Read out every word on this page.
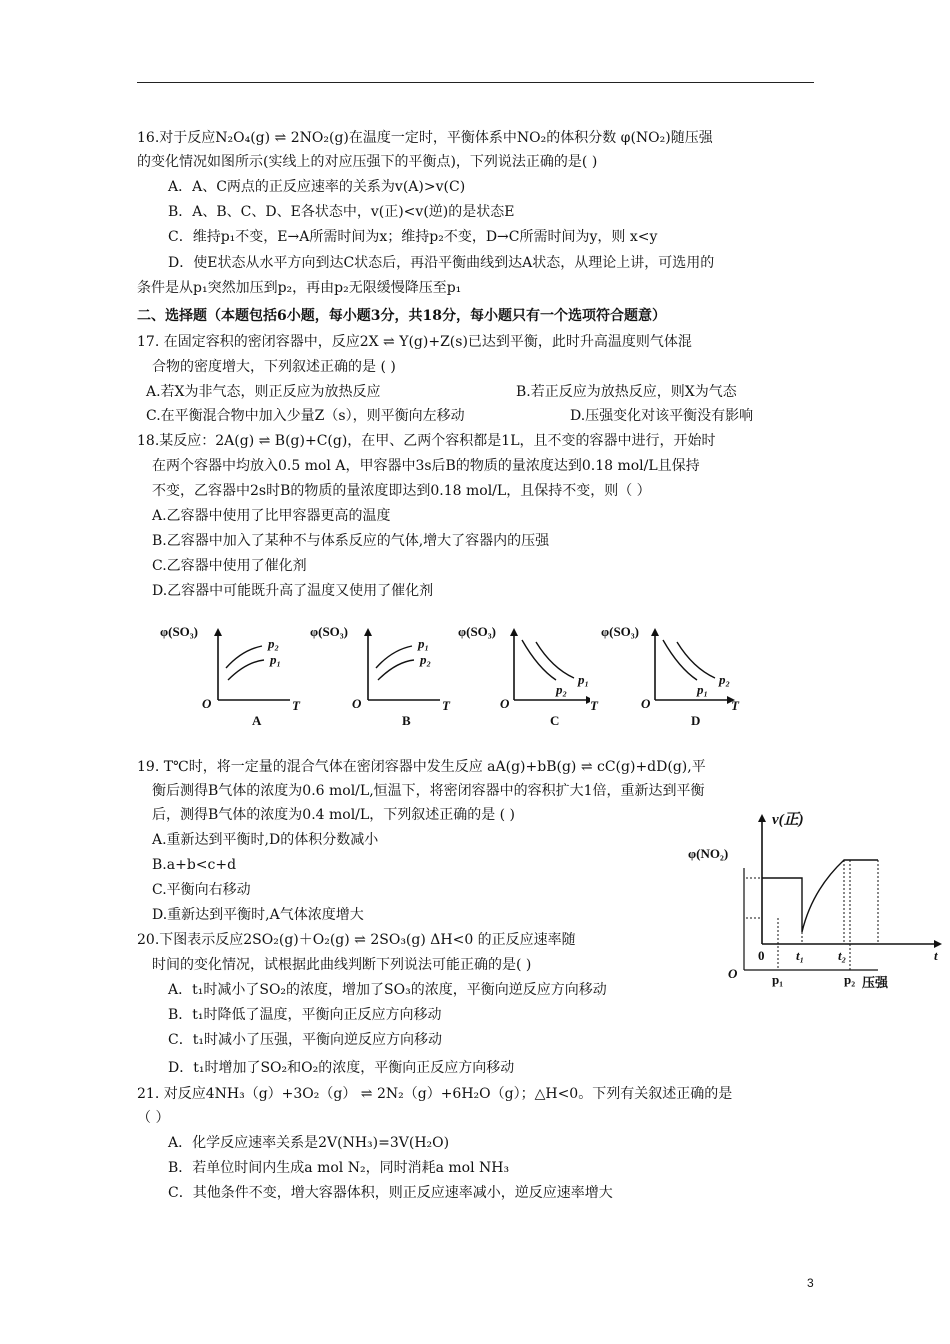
16.对于反应N₂O₄(g) ⇌ 2NO₂(g)在温度一定时，平衡体系中NO₂的体积分数 φ(NO₂)随压强
的变化情况如图所示(实线上的对应压强下的平衡点)，下列说法正确的是( )
A．A、C两点的正反应速率的关系为v(A)>v(C)
B．A、B、C、D、E各状态中，v(正)<v(逆)的是状态E
C．维持p₁不变，E→A所需时间为x；维持p₂不变，D→C所需时间为y，则 x<y
D．使E状态从水平方向到达C状态后，再沿平衡曲线到达A状态，从理论上讲，可选用的
条件是从p₁突然加压到p₂，再由p₂无限缓慢降压至p₁
二、选择题（本题包括6小题，每小题3分，共18分，每小题只有一个选项符合题意）
17. 在固定容积的密闭容器中，反应2X ⇌ Y(g)+Z(s)已达到平衡，此时升高温度则气体混
合物的密度增大，下列叙述正确的是 ( )
A.若X为非气态，则正反应为放热反应	B.若正反应为放热反应，则X为气态
C.在平衡混合物中加入少量Z（s），则平衡向左移动	D.压强变化对该平衡没有影响
18.某反应：2A(g) ⇌ B(g)+C(g)，在甲、乙两个容积都是1L，且不变的容器中进行，开始时
在两个容器中均放入0.5 mol A，甲容器中3s后B的物质的量浓度达到0.18 mol/L且保持
不变，乙容器中2s时B的物质的量浓度即达到0.18 mol/L，且保持不变，则（ ）
A.乙容器中使用了比甲容器更高的温度
B.乙容器中加入了某种不与体系反应的气体,增大了容器内的压强
C.乙容器中使用了催化剂
D.乙容器中可能既升高了温度又使用了催化剂
φ(SO₃)
p₂
p₁
O	T
A
φ(SO₃)
p₁
p₂
O	T
B
φ(SO₃)
p₁
p₂
O	T
C
φ(SO₃)
p₂
p₁
O	T
D
19. T℃时，将一定量的混合气体在密闭容器中发生反应 aA(g)+bB(g) ⇌ cC(g)+dD(g),平
衡后测得B气体的浓度为0.6 mol/L,恒温下，将密闭容器中的容积扩大1倍，重新达到平衡
后，测得B气体的浓度为0.4 mol/L，下列叙述正确的是 ( )
A.重新达到平衡时,D的体积分数减小
B.a+b<c+d
C.平衡向右移动
D.重新达到平衡时,A气体浓度增大
v(正)
φ(NO₂)
0 t₁	t₂	t
O	p₁	p₂ 压强
20.下图表示反应2SO₂(g)＋O₂(g) ⇌ 2SO₃(g) ΔH<0 的正反应速率随
时间的变化情况，试根据此曲线判断下列说法可能正确的是( )
A．t₁时减小了SO₂的浓度，增加了SO₃的浓度，平衡向逆反应方向移动
B．t₁时降低了温度，平衡向正反应方向移动
C．t₁时减小了压强，平衡向逆反应方向移动
D．t₁时增加了SO₂和O₂的浓度，平衡向正反应方向移动
21. 对反应4NH₃（g）+3O₂（g） ⇌ 2N₂（g）+6H₂O（g）；△H<0。下列有关叙述正确的是
（ ）
A．化学反应速率关系是2V(NH₃)=3V(H₂O)
B．若单位时间内生成a mol N₂，同时消耗a mol NH₃
C．其他条件不变，增大容器体积，则正反应速率减小，逆反应速率增大
3
